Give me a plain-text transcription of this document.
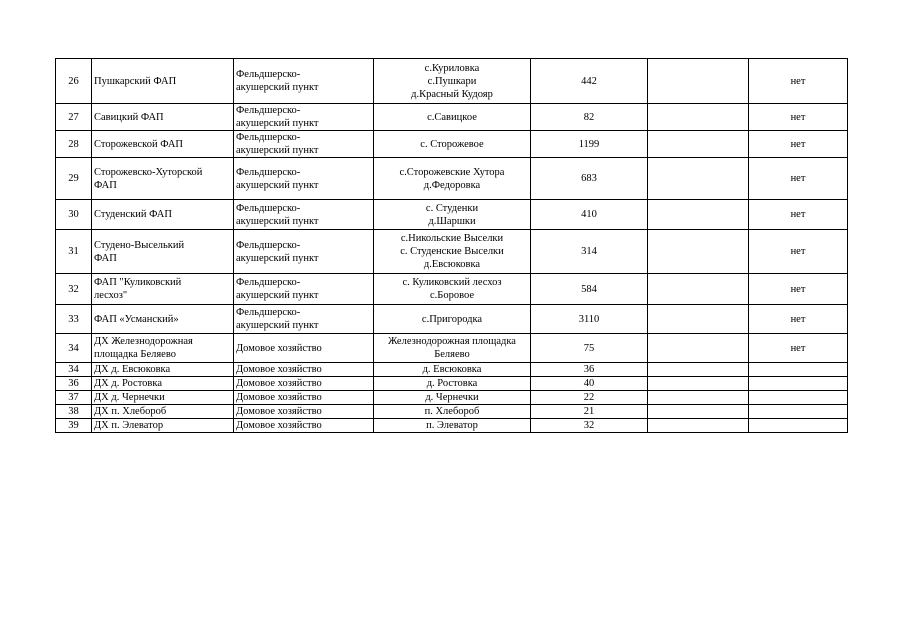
26	Пушкарский ФАП	Фельдшерско-
акушерский пункт	с.Куриловка
с.Пушкари
д.Красный Кудояр	442		нет
27	Савицкий ФАП	Фельдшерско-
акушерский пункт	с.Савицкое	82		нет
28	Сторожевской ФАП	Фельдшерско-
акушерский пункт	с. Сторожевое	1199		нет
29	Сторожевско-Хуторской
ФАП	Фельдшерско-
акушерский пункт	с.Сторожевские Хутора
д.Федоровка	683		нет
30	Студенский ФАП	Фельдшерско-
акушерский пункт	с. Студенки
д.Шаршки	410		нет
31	Студено-Выселький
ФАП	Фельдшерско-
акушерский пункт	с.Никольские Выселки
с. Студенские Выселки
д.Евсюковка	314		нет
32	ФАП "Куликовский
лесхоз"	Фельдшерско-
акушерский пункт	с. Куликовский лесхоз
с.Боровое	584		нет
33	ФАП «Усманский»	Фельдшерско-
акушерский пункт	с.Пригородка	3110		нет
34	ДХ Железнодорожная
площадка Беляево	Домовое хозяйство	Железнодорожная площадка
Беляево	75		нет
34	ДХ д. Евсюковка	Домовое хозяйство	д. Евсюковка	36		
36	ДХ д. Ростовка	Домовое хозяйство	д. Ростовка	40		
37	ДХ д. Чернечки	Домовое хозяйство	д. Чернечки	22		
38	ДХ п. Хлебороб	Домовое хозяйство	п. Хлебороб	21		
39	ДХ п. Элеватор	Домовое хозяйство	п. Элеватор	32		
